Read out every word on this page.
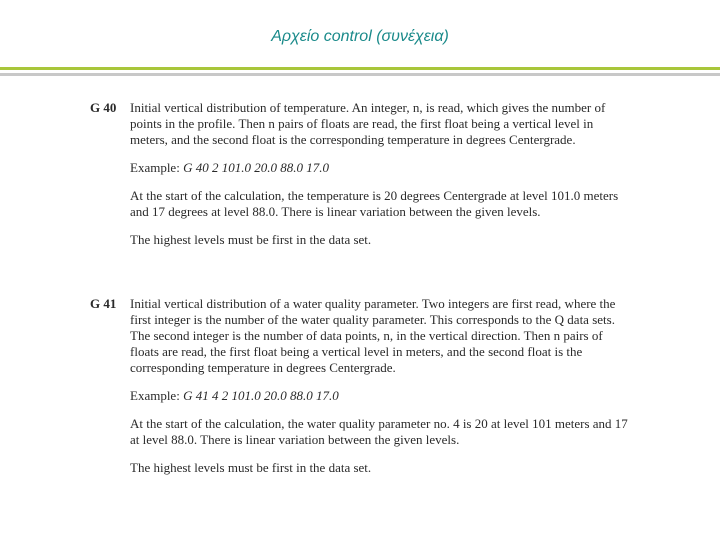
Αρχείο control (συνέχεια)
G 40 Initial vertical distribution of temperature. An integer, n, is read, which gives the number of points in the profile. Then n pairs of floats are read, the first float being a vertical level in meters, and the second float is the corresponding temperature in degrees Centergrade.

Example: G 40 2 101.0 20.0 88.0 17.0

At the start of the calculation, the temperature is 20 degrees Centergrade at level 101.0 meters and 17 degrees at level 88.0. There is linear variation between the given levels.

The highest levels must be first in the data set.

G 41 Initial vertical distribution of a water quality parameter. Two integers are first read, where the first integer is the number of the water quality parameter. This corresponds to the Q data sets. The second integer is the number of data points, n, in the vertical direction. Then n pairs of floats are read, the first float being a vertical level in meters, and the second float is the corresponding temperature in degrees Centergrade.

Example: G 41 4 2 101.0 20.0 88.0 17.0

At the start of the calculation, the water quality parameter no. 4 is 20 at level 101 meters and 17 at level 88.0. There is linear variation between the given levels.

The highest levels must be first in the data set.
